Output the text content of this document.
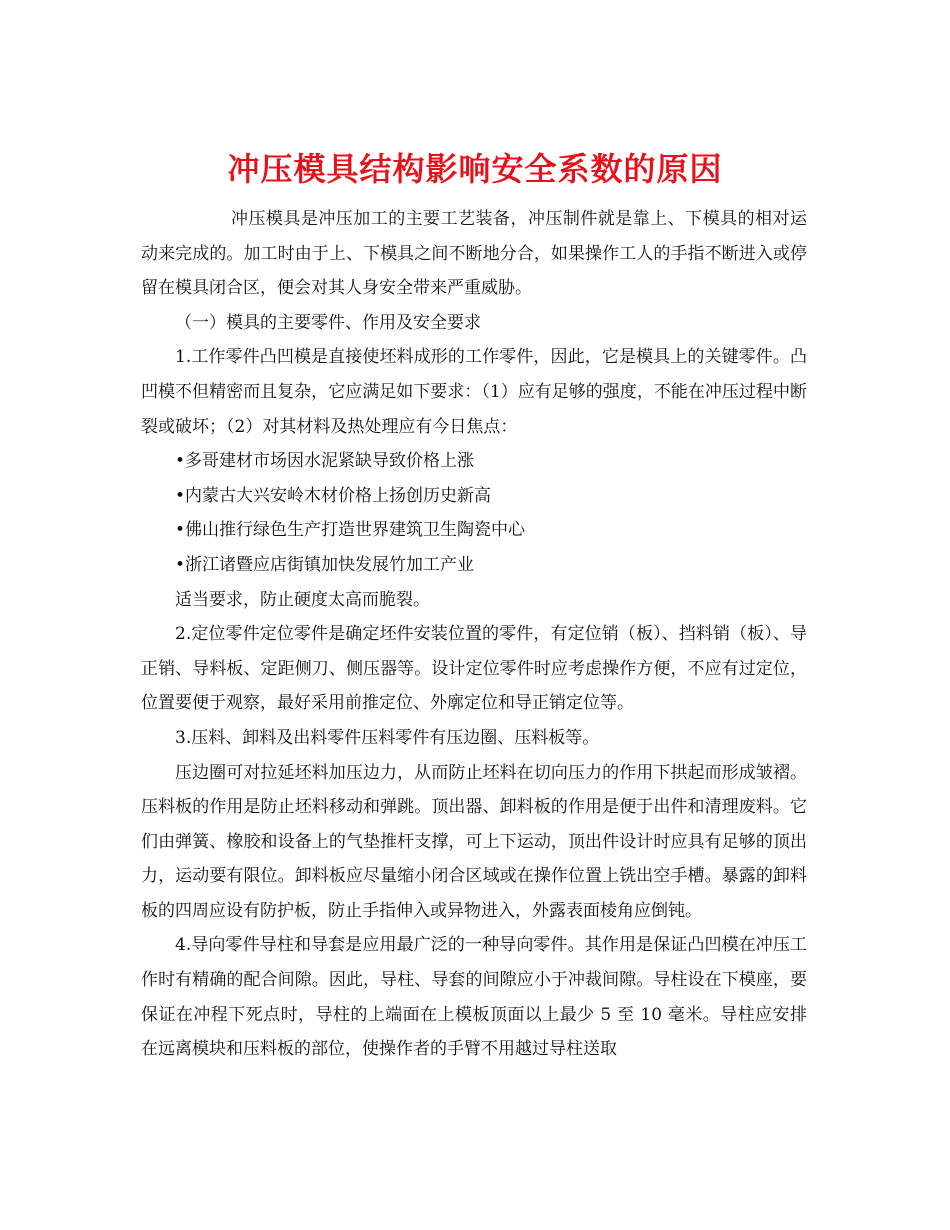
冲压模具结构影响安全系数的原因

冲压模具是冲压加工的主要工艺装备，冲压制件就是靠上、下模具的相对运动来完成的。加工时由于上、下模具之间不断地分合，如果操作工人的手指不断进入或停留在模具闭合区，便会对其人身安全带来严重威胁。

（一）模具的主要零件、作用及安全要求

1.工作零件凸凹模是直接使坯料成形的工作零件，因此，它是模具上的关键零件。凸凹模不但精密而且复杂，它应满足如下要求：（1）应有足够的强度，不能在冲压过程中断裂或破坏；（2）对其材料及热处理应有今日焦点：

•多哥建材市场因水泥紧缺导致价格上涨

•内蒙古大兴安岭木材价格上扬创历史新高

•佛山推行绿色生产打造世界建筑卫生陶瓷中心

•浙江诸暨应店街镇加快发展竹加工产业

适当要求，防止硬度太高而脆裂。

2.定位零件定位零件是确定坯件安装位置的零件，有定位销（板）、挡料销（板）、导正销、导料板、定距侧刀、侧压器等。设计定位零件时应考虑操作方便，不应有过定位，位置要便于观察，最好采用前推定位、外廓定位和导正销定位等。

3.压料、卸料及出料零件压料零件有压边圈、压料板等。

压边圈可对拉延坯料加压边力，从而防止坯料在切向压力的作用下拱起而形成皱褶。压料板的作用是防止坯料移动和弹跳。顶出器、卸料板的作用是便于出件和清理废料。它们由弹簧、橡胶和设备上的气垫推杆支撑，可上下运动，顶出件设计时应具有足够的顶出力，运动要有限位。卸料板应尽量缩小闭合区域或在操作位置上铣出空手槽。暴露的卸料板的四周应设有防护板，防止手指伸入或异物进入，外露表面棱角应倒钝。

4.导向零件导柱和导套是应用最广泛的一种导向零件。其作用是保证凸凹模在冲压工作时有精确的配合间隙。因此，导柱、导套的间隙应小于冲裁间隙。导柱设在下模座，要保证在冲程下死点时，导柱的上端面在上模板顶面以上最少 5 至 10 毫米。导柱应安排在远离模块和压料板的部位，使操作者的手臂不用越过导柱送取
